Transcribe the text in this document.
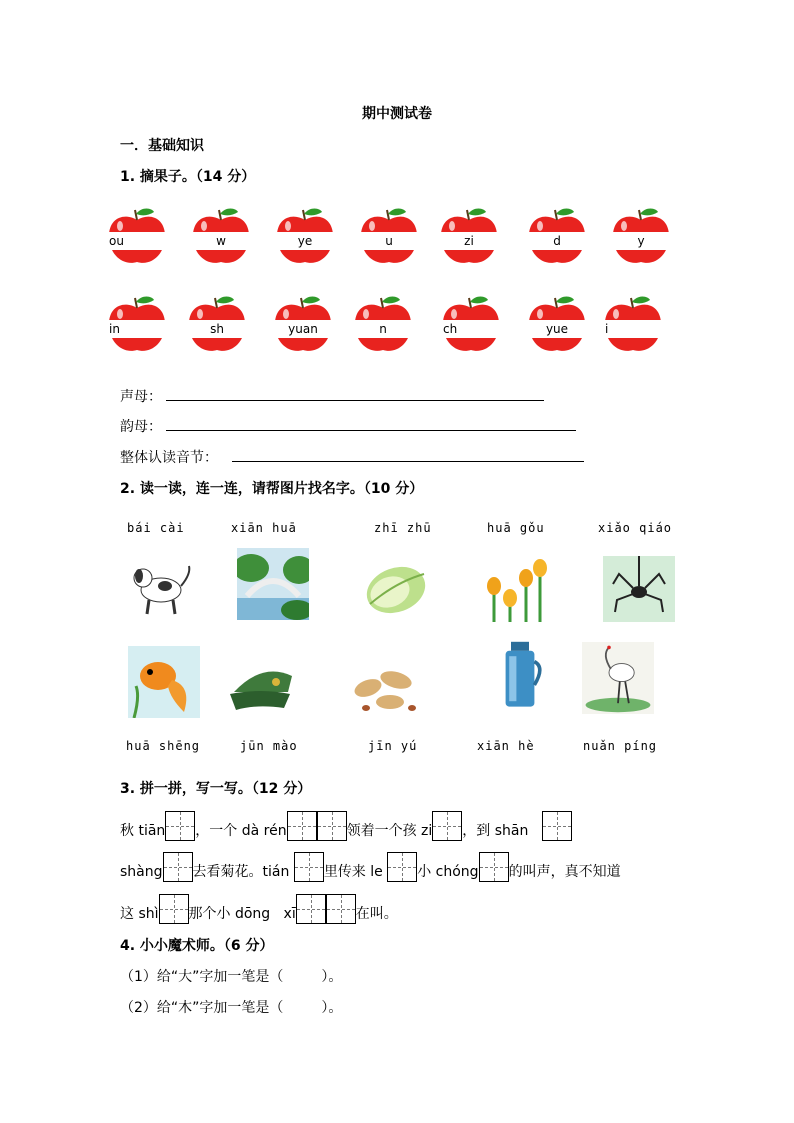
期中测试卷
一．基础知识
1. 摘果子。（14 分）
ou	w	ye	u	zi	d	y
in	sh	yuan	n	ch	yue	i
声母：
韵母：
整体认读音节：
2. 读一读，连一连，请帮图片找名字。（10 分）
bái cài	xiān huā	zhī zhū	huā gǒu	xiǎo qiáo
huā shēng	jūn mào	jīn yú	xiān hè	nuǎn píng
3. 拼一拼，写一写。（12 分）
秋 tiān ，一个 dà rén	领着一个孩 zi ，到 shān
shàng 去看菊花。tián 里传来 le 小 chóng 的叫声，真不知道
这 shì 那个小 dōng xī	在叫。
4. 小小魔术师。（6 分）
（1）给“大”字加一笔是（	）。
（2）给“木”字加一笔是（	）。
